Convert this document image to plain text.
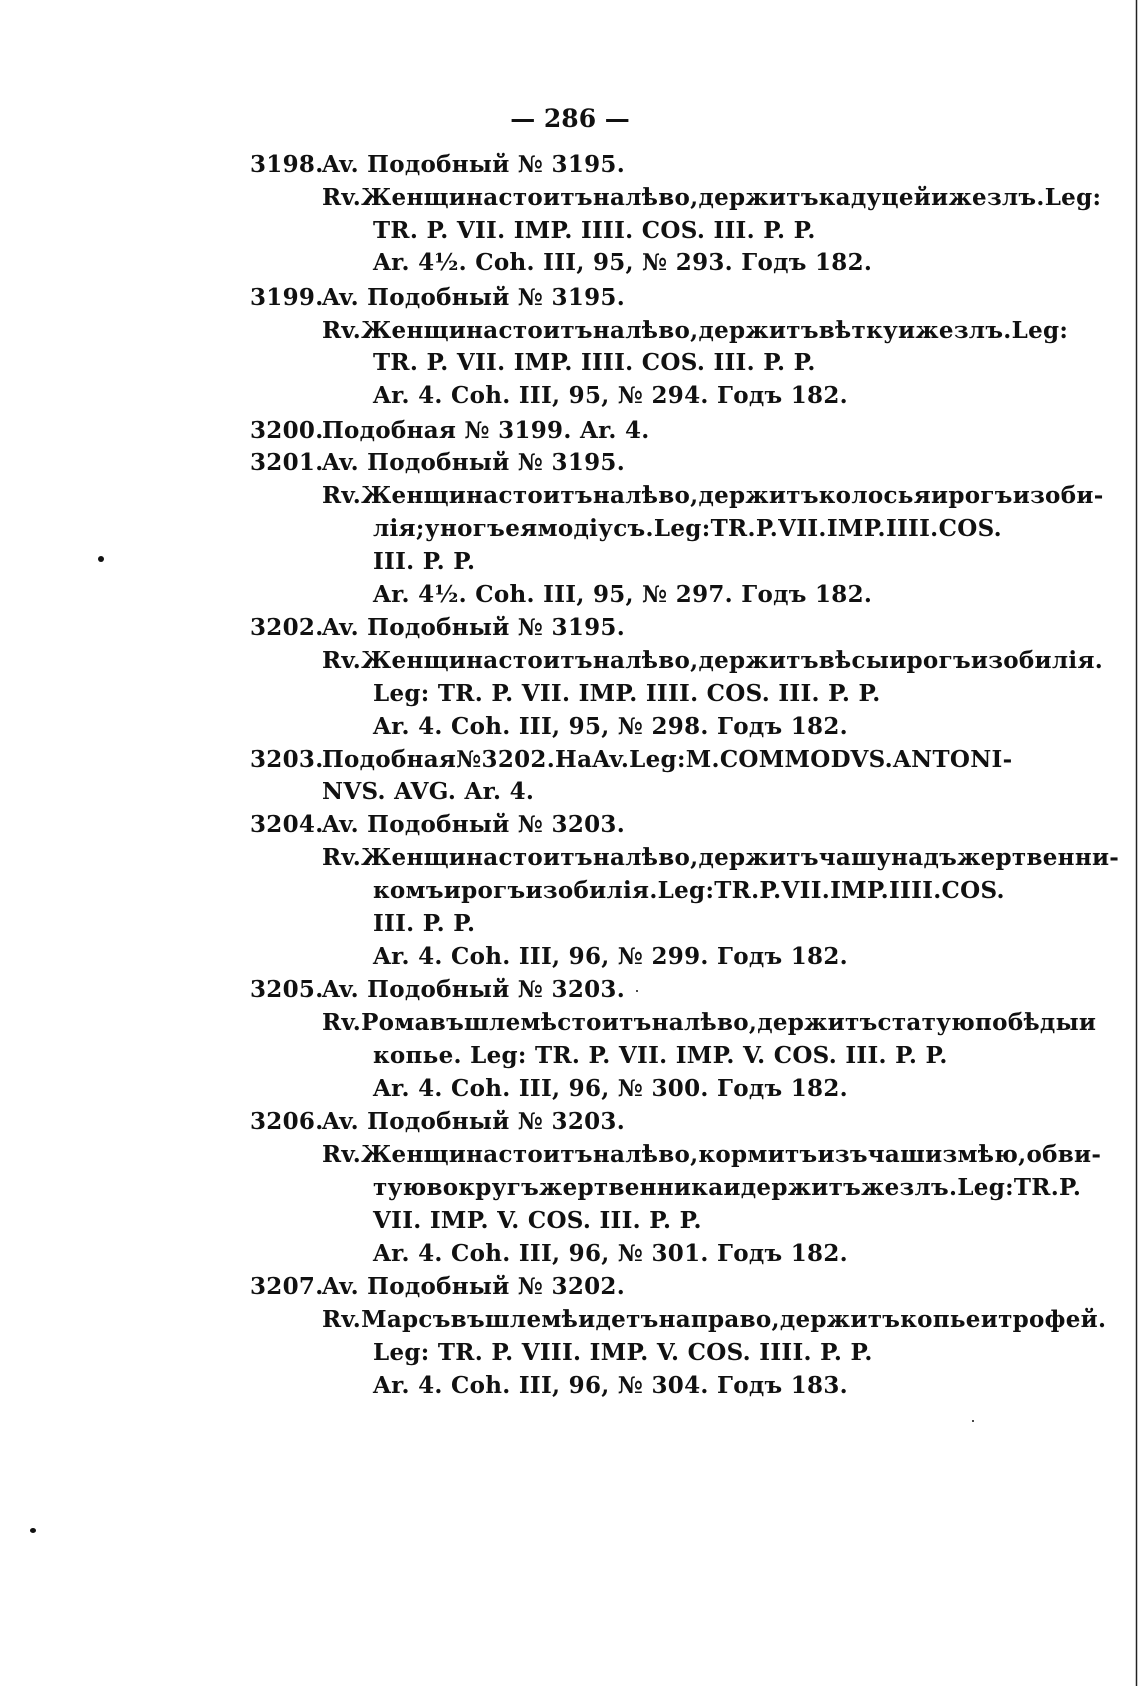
— 286 —
3198.
Av. Подобный № 3195.
Rv. Женщина стоитъ налѣво, держитъ кадуцей и жезлъ. Leg:
TR. P. VII. IMP. IIII. COS. III. P. P.
Ar. 4½. Coh. III, 95, № 293. Годъ 182.
3199.
Av. Подобный № 3195.
Rv. Женщина стоитъ налѣво, держитъ вѣтку и жезлъ. Leg:
TR. P. VII. IMP. IIII. COS. III. P. P.
Ar. 4. Coh. III, 95, № 294. Годъ 182.
3200.
Подобная № 3199. Ar. 4.
3201.
Av. Подобный № 3195.
Rv. Женщина стоитъ налѣво, держитъ колосья и рогъ изоби-
лія; у ногъ ея модіусъ. Leg: TR. P. VII. IMP. IIII. COS.
III. P. P.
Ar. 4½. Coh. III, 95, № 297. Годъ 182.
3202.
Av. Подобный № 3195.
Rv. Женщина стоитъ налѣво, держитъ вѣсы и рогъ изобилія.
Leg: TR. P. VII. IMP. IIII. COS. III. P. P.
Ar. 4. Coh. III, 95, № 298. Годъ 182.
3203.
Подобная № 3202. На Av. Leg: M. COMMODVS. ANTONI-
NVS. AVG. Ar. 4.
3204.
Av. Подобный № 3203.
Rv. Женщина стоитъ налѣво, держитъ чашу надъ жертвенни-
комъ и рогъ изобилія. Leg: TR. P. VII. IMP. IIII. COS.
III. P. P.
Ar. 4. Coh. III, 96, № 299. Годъ 182.
3205.
Av. Подобный № 3203.
Rv. Рома въ шлемѣ стоитъ налѣво, держитъ статую побѣды и
копье. Leg: TR. P. VII. IMP. V. COS. III. P. P.
Ar. 4. Coh. III, 96, № 300. Годъ 182.
3206.
Av. Подобный № 3203.
Rv. Женщина стоитъ налѣво, кормитъ изъ чаши змѣю, обви-
тую вокругъ жертвенника и держитъ жезлъ. Leg: TR. P.
VII. IMP. V. COS. III. P. P.
Ar. 4. Coh. III, 96, № 301. Годъ 182.
3207.
Av. Подобный № 3202.
Rv. Марсъ въ шлемѣ идетъ направо, держитъ копье и трофей.
Leg: TR. P. VIII. IMP. V. COS. IIII. P. P.
Ar. 4. Coh. III, 96, № 304. Годъ 183.
